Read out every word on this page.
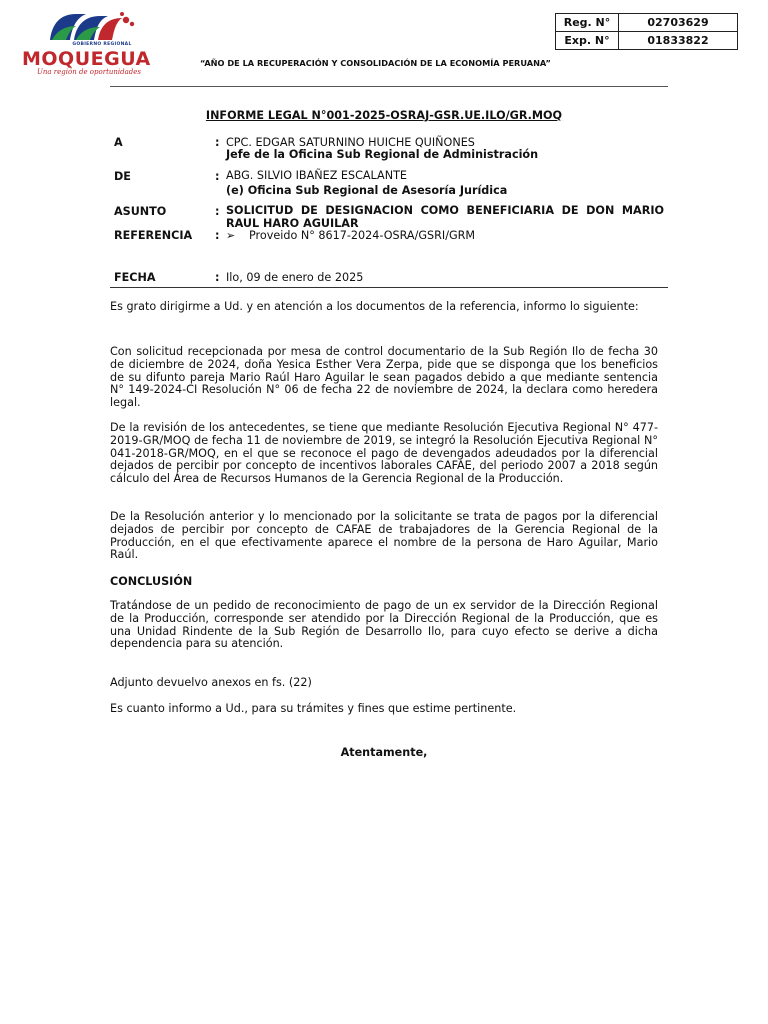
GOBIERNO REGIONAL
MOQUEGUA
Una región de oportunidades
Reg. N°	02703629
Exp. N°	01833822
“AÑO DE LA RECUPERACIÓN Y CONSOLIDACIÓN DE LA ECONOMÍA PERUANA”
INFORME LEGAL N°001-2025-OSRAJ-GSR.UE.ILO/GR.MOQ
A	: CPC. EDGAR SATURNINO HUICHE QUIÑONES
Jefe de la Oficina Sub Regional de Administración
DE	: ABG. SILVIO IBAÑEZ ESCALANTE
(e) Oficina Sub Regional de Asesoría Jurídica
ASUNTO	: SOLICITUD DE DESIGNACION COMO BENEFICIARIA DE DON MARIO RAUL HARO AGUILAR
REFERENCIA : ➢ Proveido N° 8617-2024-OSRA/GSRI/GRM
FECHA	: Ilo, 09 de enero de 2025

Es grato dirigirme a Ud. y en atención a los documentos de la referencia, informo lo siguiente:

Con solicitud recepcionada por mesa de control documentario de la Sub Región Ilo de fecha 30 de diciembre de 2024, doña Yesica Esther Vera Zerpa, pide que se disponga que los beneficios de su difunto pareja Mario Raúl Haro Aguilar le sean pagados debido a que mediante sentencia N° 149-2024-CI Resolución N° 06 de fecha 22 de noviembre de 2024, la declara como heredera legal.

De la revisión de los antecedentes, se tiene que mediante Resolución Ejecutiva Regional N° 477-2019-GR/MOQ de fecha 11 de noviembre de 2019, se integró la Resolución Ejecutiva Regional N° 041-2018-GR/MOQ, en el que se reconoce el pago de devengados adeudados por la diferencial dejados de percibir por concepto de incentivos laborales CAFAE, del periodo 2007 a 2018 según cálculo del Área de Recursos Humanos de la Gerencia Regional de la Producción.

De la Resolución anterior y lo mencionado por la solicitante se trata de pagos por la diferencial dejados de percibir por concepto de CAFAE de trabajadores de la Gerencia Regional de la Producción, en el que efectivamente aparece el nombre de la persona de Haro Aguilar, Mario Raúl.

CONCLUSIÓN

Tratándose de un pedido de reconocimiento de pago de un ex servidor de la Dirección Regional de la Producción, corresponde ser atendido por la Dirección Regional de la Producción, que es una Unidad Rindente de la Sub Región de Desarrollo Ilo, para cuyo efecto se derive a dicha dependencia para su atención.

Adjunto devuelvo anexos en fs. (22)

Es cuanto informo a Ud., para su trámites y fines que estime pertinente.

Atentamente,
